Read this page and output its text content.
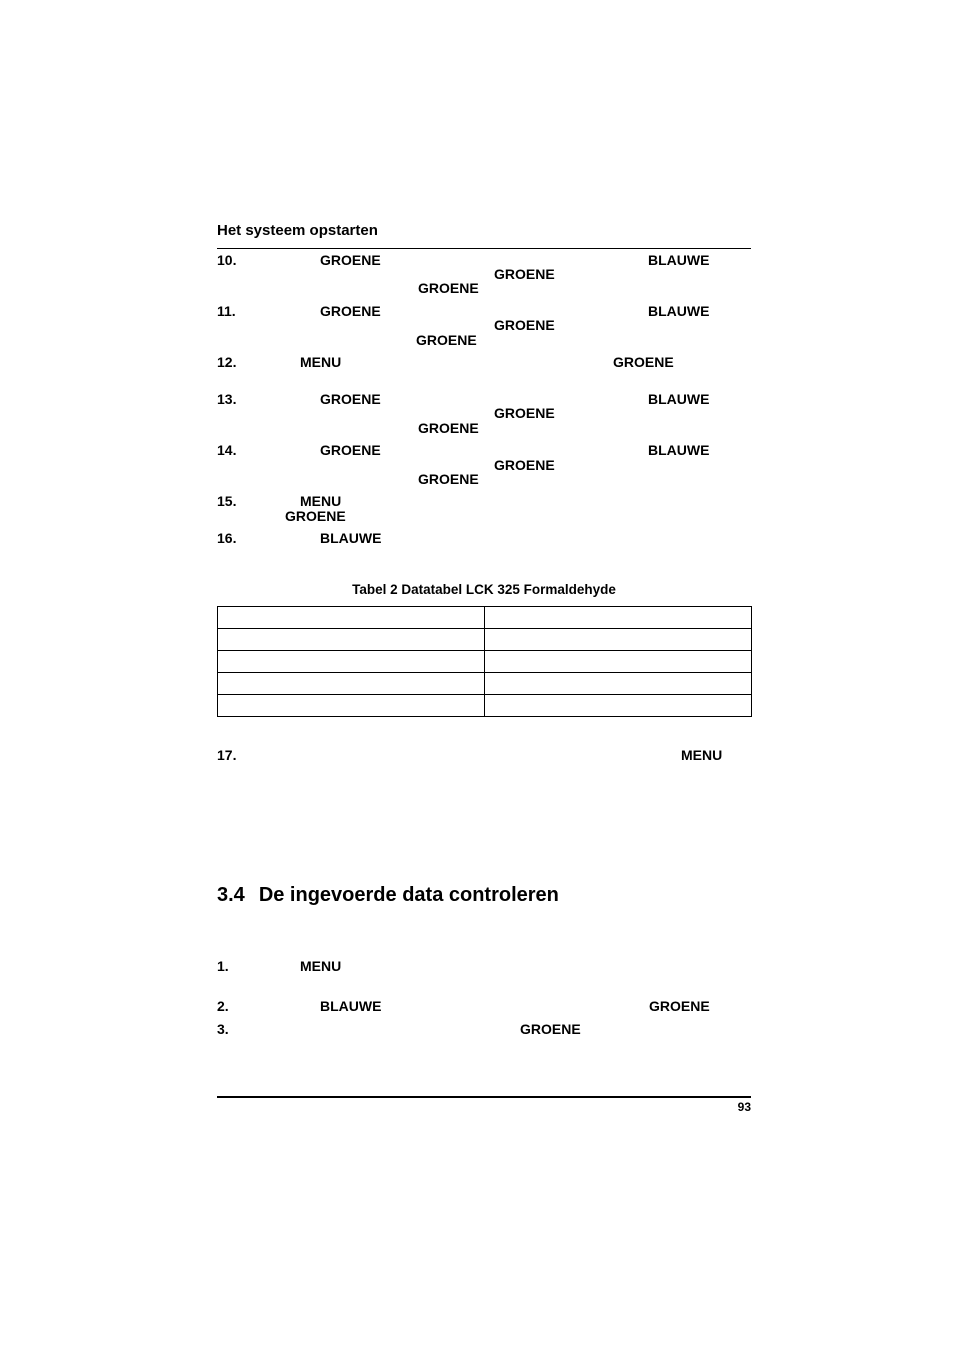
Het systeem opstarten
10.	GROENE	BLAUWE
GROENE
GROENE
11.	GROENE	BLAUWE
GROENE
GROENE
12.	MENU	GROENE
13.	GROENE	BLAUWE
GROENE
GROENE
14.	GROENE	BLAUWE
GROENE
GROENE
15.	MENU
GROENE
16.	BLAUWE
Tabel 2 Datatabel LCK 325 Formaldehyde

17.	MENU
3.4 De ingevoerde data controleren
1.	MENU
2.	BLAUWE	GROENE
3.	GROENE
93
